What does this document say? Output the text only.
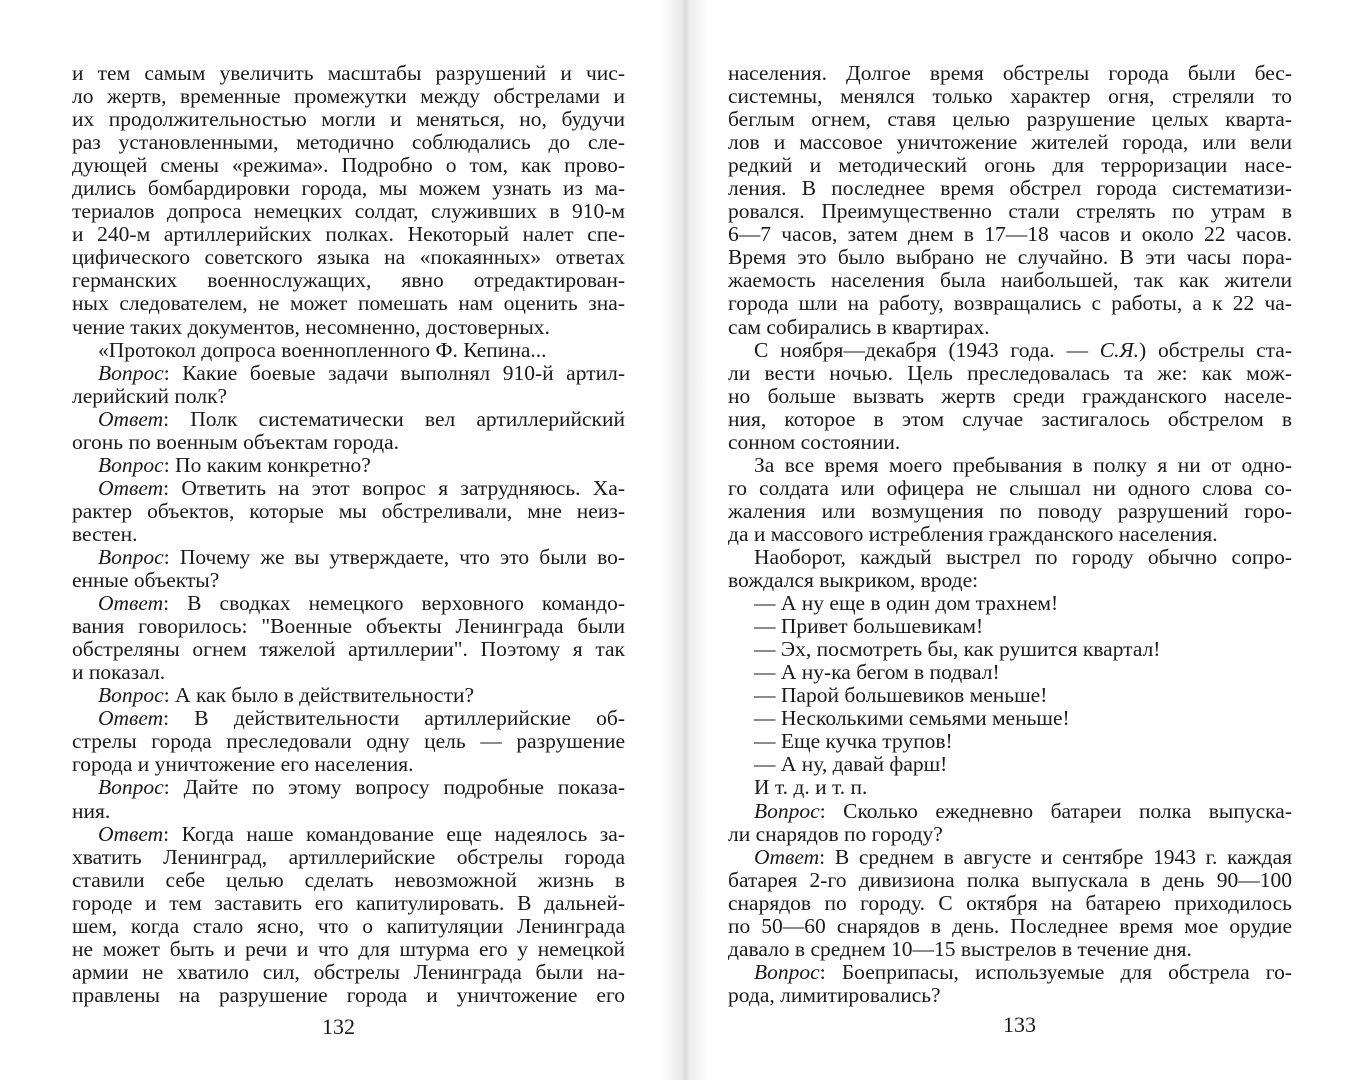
и тем самым увеличить масштабы разрушений и чис-
ло жертв, временные промежутки между обстрелами и
их продолжительностью могли и меняться, но, будучи
раз установленными, методично соблюдались до сле-
дующей смены «режима». Подробно о том, как прово-
дились бомбардировки города, мы можем узнать из ма-
териалов допроса немецких солдат, служивших в 910-м
и 240-м артиллерийских полках. Некоторый налет спе-
цифического советского языка на «покаянных» ответах
германских военнослужащих, явно отредактирован-
ных следователем, не может помешать нам оценить зна-
чение таких документов, несомненно, достоверных.
«Протокол допроса военнопленного Ф. Кепина...
Вопрос: Какие боевые задачи выполнял 910-й артил-
лерийский полк?
Ответ: Полк систематически вел артиллерийский
огонь по военным объектам города.
Вопрос: По каким конкретно?
Ответ: Ответить на этот вопрос я затрудняюсь. Ха-
рактер объектов, которые мы обстреливали, мне неиз-
вестен.
Вопрос: Почему же вы утверждаете, что это были во-
енные объекты?
Ответ: В сводках немецкого верховного командо-
вания говорилось: "Военные объекты Ленинграда были
обстреляны огнем тяжелой артиллерии". Поэтому я так
и показал.
Вопрос: А как было в действительности?
Ответ: В действительности артиллерийские об-
стрелы города преследовали одну цель — разрушение
города и уничтожение его населения.
Вопрос: Дайте по этому вопросу подробные показа-
ния.
Ответ: Когда наше командование еще надеялось за-
хватить Ленинград, артиллерийские обстрелы города
ставили себе целью сделать невозможной жизнь в
городе и тем заставить его капитулировать. В дальней-
шем, когда стало ясно, что о капитуляции Ленинграда
не может быть и речи и что для штурма его у немецкой
армии не хватило сил, обстрелы Ленинграда были на-
правлены на разрушение города и уничтожение его
населения. Долгое время обстрелы города были бес-
системны, менялся только характер огня, стреляли то
беглым огнем, ставя целью разрушение целых кварта-
лов и массовое уничтожение жителей города, или вели
редкий и методический огонь для терроризации насе-
ления. В последнее время обстрел города систематизи-
ровался. Преимущественно стали стрелять по утрам в
6—7 часов, затем днем в 17—18 часов и около 22 часов.
Время это было выбрано не случайно. В эти часы пора-
жаемость населения была наибольшей, так как жители
города шли на работу, возвращались с работы, а к 22 ча-
сам собирались в квартирах.
С ноября—декабря (1943 года. — С.Я.) обстрелы ста-
ли вести ночью. Цель преследовалась та же: как мож-
но больше вызвать жертв среди гражданского населе-
ния, которое в этом случае застигалось обстрелом в
сонном состоянии.
За все время моего пребывания в полку я ни от одно-
го солдата или офицера не слышал ни одного слова со-
жаления или возмущения по поводу разрушений горо-
да и массового истребления гражданского населения.
Наоборот, каждый выстрел по городу обычно сопро-
вождался выкриком, вроде:
— А ну еще в один дом трахнем!
— Привет большевикам!
— Эх, посмотреть бы, как рушится квартал!
— А ну-ка бегом в подвал!
— Парой большевиков меньше!
— Несколькими семьями меньше!
— Еще кучка трупов!
— А ну, давай фарш!
И т. д. и т. п.
Вопрос: Сколько ежедневно батареи полка выпуска-
ли снарядов по городу?
Ответ: В среднем в августе и сентябре 1943 г. каждая
батарея 2-го дивизиона полка выпускала в день 90—100
снарядов по городу. С октября на батарею приходилось
по 50—60 снарядов в день. Последнее время мое орудие
давало в среднем 10—15 выстрелов в течение дня.
Вопрос: Боеприпасы, используемые для обстрела го-
рода, лимитировались?
132	133
